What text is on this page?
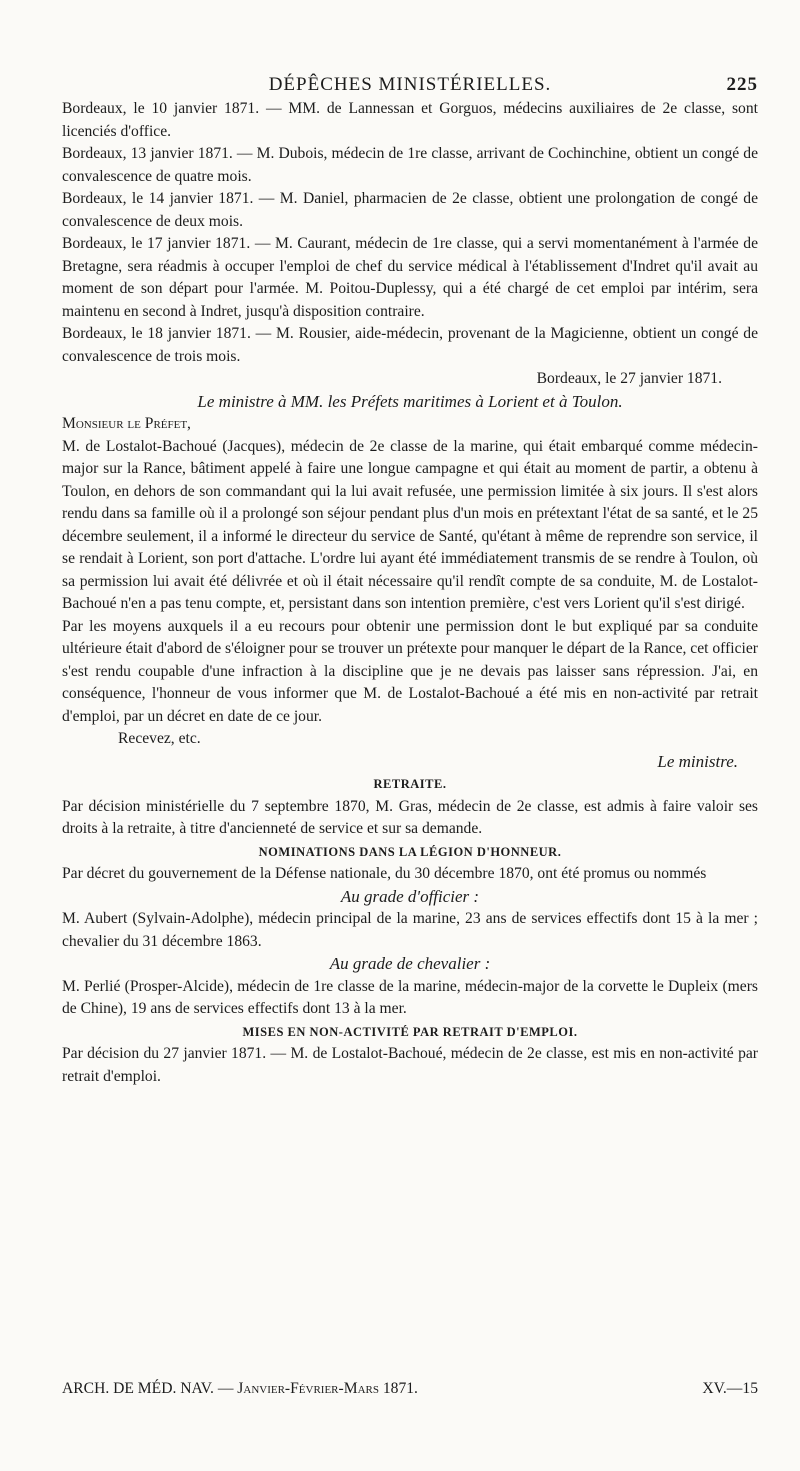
DÉPÊCHES MINISTÉRIELLES.	225

Bordeaux, le 10 janvier 1871. — MM. de Lannessan et Gorguos, médecins auxiliaires de 2e classe, sont licenciés d'office.

Bordeaux, 13 janvier 1871. — M. Dubois, médecin de 1re classe, arrivant de Cochinchine, obtient un congé de convalescence de quatre mois.

Bordeaux, le 14 janvier 1871. — M. Daniel, pharmacien de 2e classe, obtient une prolongation de congé de convalescence de deux mois.

Bordeaux, le 17 janvier 1871. — M. Caurant, médecin de 1re classe, qui a servi momentanément à l'armée de Bretagne, sera réadmis à occuper l'emploi de chef du service médical à l'établissement d'Indret qu'il avait au moment de son départ pour l'armée. M. Poitou-Duplessy, qui a été chargé de cet emploi par intérim, sera maintenu en second à Indret, jusqu'à disposition contraire.

Bordeaux, le 18 janvier 1871. — M. Rousier, aide-médecin, provenant de la Magicienne, obtient un congé de convalescence de trois mois.

Bordeaux, le 27 janvier 1871.

Le ministre à MM. les Préfets maritimes à Lorient et à Toulon.

Monsieur le Préfet,

M. de Lostalot-Bachoué (Jacques), médecin de 2e classe de la marine, qui était embarqué comme médecin-major sur la Rance, bâtiment appelé à faire une longue campagne et qui était au moment de partir, a obtenu à Toulon, en dehors de son commandant qui la lui avait refusée, une permission limitée à six jours. Il s'est alors rendu dans sa famille où il a prolongé son séjour pendant plus d'un mois en prétextant l'état de sa santé, et le 25 décembre seulement, il a informé le directeur du service de Santé, qu'étant à même de reprendre son service, il se rendait à Lorient, son port d'attache. L'ordre lui ayant été immédiatement transmis de se rendre à Toulon, où sa permission lui avait été délivrée et où il était nécessaire qu'il rendît compte de sa conduite, M. de Lostalot-Bachoué n'en a pas tenu compte, et, persistant dans son intention première, c'est vers Lorient qu'il s'est dirigé.

Par les moyens auxquels il a eu recours pour obtenir une permission dont le but expliqué par sa conduite ultérieure était d'abord de s'éloigner pour se trouver un prétexte pour manquer le départ de la Rance, cet officier s'est rendu coupable d'une infraction à la discipline que je ne devais pas laisser sans répression. J'ai, en conséquence, l'honneur de vous informer que M. de Lostalot-Bachoué a été mis en non-activité par retrait d'emploi, par un décret en date de ce jour.

Recevez, etc.

Le ministre.

RETRAITE.

Par décision ministérielle du 7 septembre 1870, M. Gras, médecin de 2e classe, est admis à faire valoir ses droits à la retraite, à titre d'ancienneté de service et sur sa demande.

NOMINATIONS DANS LA LÉGION D'HONNEUR.

Par décret du gouvernement de la Défense nationale, du 30 décembre 1870, ont été promus ou nommés

Au grade d'officier :

M. Aubert (Sylvain-Adolphe), médecin principal de la marine, 23 ans de services effectifs dont 15 à la mer ; chevalier du 31 décembre 1863.

Au grade de chevalier :

M. Perlié (Prosper-Alcide), médecin de 1re classe de la marine, médecin-major de la corvette le Dupleix (mers de Chine), 19 ans de services effectifs dont 13 à la mer.

MISES EN NON-ACTIVITÉ PAR RETRAIT D'EMPLOI.

Par décision du 27 janvier 1871. — M. de Lostalot-Bachoué, médecin de 2e classe, est mis en non-activité par retrait d'emploi.

ARCH. DE MÉD. NAV. — Janvier-Février-Mars 1871.	XV.—15
